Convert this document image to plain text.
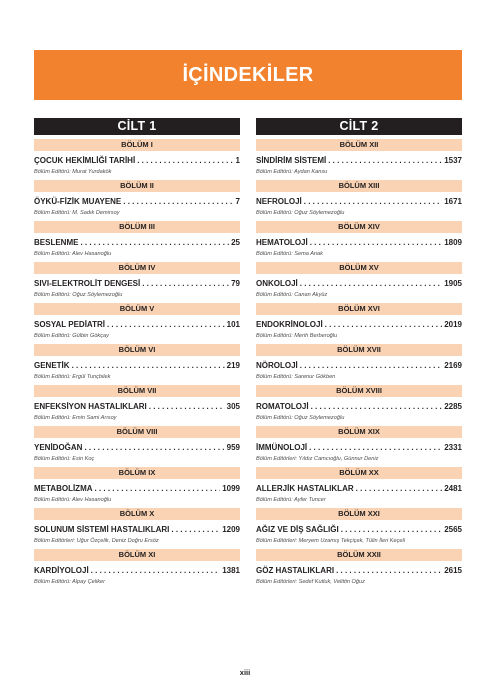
İÇİNDEKİLER
CİLT 1
BÖLÜM I
ÇOCUK HEKİMLİĞİ TARİHİ . . .	1
Bölüm Editörü: Murat Yurdakök
BÖLÜM II
ÖYKÜ-FİZİK MUAYENE . . .	7
Bölüm Editörü: M. Sadık Demirsoy
BÖLÜM III
BESLENME . . .	25
Bölüm Editörü: Alev Hasanoğlu
BÖLÜM IV
SIVI-ELEKTROLİT DENGESİ . . .	79
Bölüm Editörü: Oğuz Söylemezoğlu
BÖLÜM V
SOSYAL PEDİATRİ . . .	101
Bölüm Editörü: Gülbin Gökçay
BÖLÜM VI
GENETİK . . .	219
Bölüm Editörü: Ergül Tunçbilek
BÖLÜM VII
ENFEKSİYON HASTALIKLARI . . .	305
Bölüm Editörü: Emin Sami Arısoy
BÖLÜM VIII
YENİDOĞAN . . .	959
Bölüm Editörü: Esin Koç
BÖLÜM IX
METABOLİZMA . . .	1099
Bölüm Editörü: Alev Hasanoğlu
BÖLÜM X
SOLUNUM SİSTEMİ HASTALIKLARI . . .	1209
Bölüm Editörleri: Uğur Özçelik, Deniz Doğru Ersöz
BÖLÜM XI
KARDİYOLOJİ . . .	1381
Bölüm Editörü: Alpay Çeliker
CİLT 2
BÖLÜM XII
SİNDİRİM SİSTEMİ . . .	1537
Bölüm Editörü: Aydan Kansu
BÖLÜM XIII
NEFROLOJİ . . .	1671
Bölüm Editörü: Oğuz Söylemezoğlu
BÖLÜM XIV
HEMATOLOJİ . . .	1809
Bölüm Editörü: Sema Anak
BÖLÜM XV
ONKOLOJİ . . .	1905
Bölüm Editörü: Canan Akyüz
BÖLÜM XVI
ENDOKRİNOLOJİ . . .	2019
Bölüm Editörü: Merih Berberoğlu
BÖLÜM XVII
NÖROLOJİ . . .	2169
Bölüm Editörü: Sarenur Gökben
BÖLÜM XVIII
ROMATOLOJİ . . .	2285
Bölüm Editörü: Oğuz Söylemezoğlu
BÖLÜM XIX
İMMÜNOLOJİ . . .	2331
Bölüm Editörleri: Yıldız Camcıoğlu, Günnur Deniz
BÖLÜM XX
ALLERJİK HASTALIKLAR . . .	2481
Bölüm Editörü: Ayfer Tuncer
BÖLÜM XXI
AĞIZ VE DİŞ SAĞLIĞI . . .	2565
Bölüm Editörleri: Meryem Uzamış Tekçiçek, Tülin İleri Keçeli
BÖLÜM XXII
GÖZ HASTALIKLARI . . .	2615
Bölüm Editörleri: Sedef Kutluk, Velittin Oğuz
xiii
